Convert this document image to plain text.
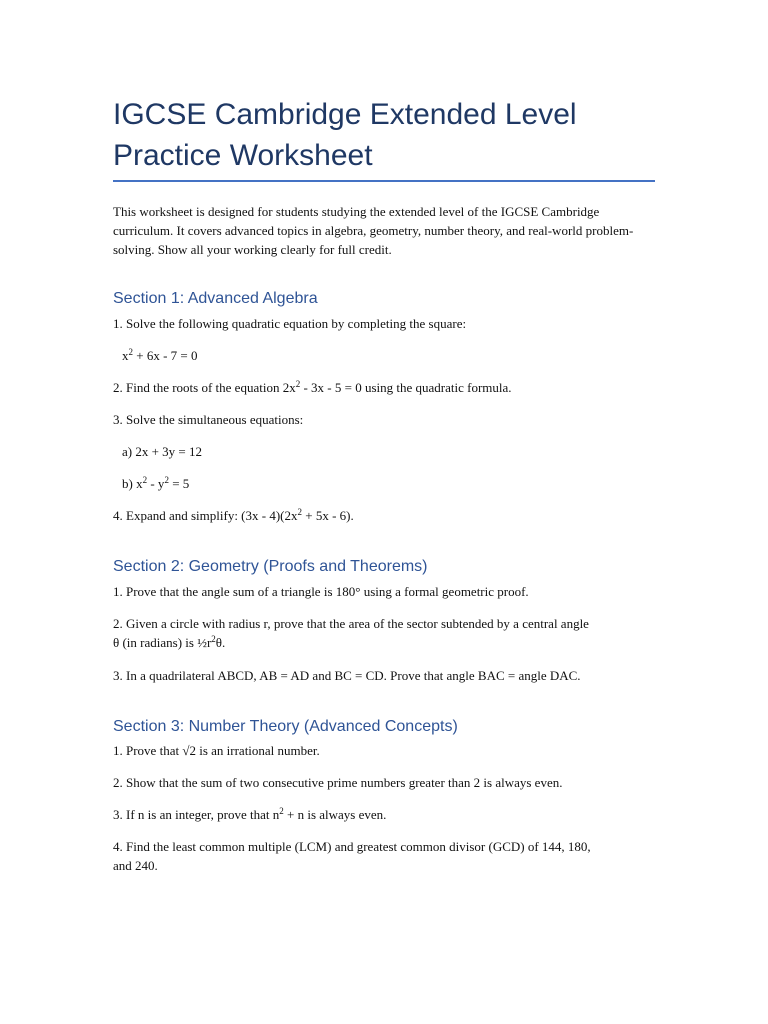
IGCSE Cambridge Extended Level
Practice Worksheet

This worksheet is designed for students studying the extended level of the IGCSE Cambridge curriculum. It covers advanced topics in algebra, geometry, number theory, and real-world problem-solving. Show all your working clearly for full credit.

Section 1: Advanced Algebra

1. Solve the following quadratic equation by completing the square:

$x^2 + 6x - 7 = 0$

2. Find the roots of the equation $2x^2 - 3x - 5 = 0$ using the quadratic formula.

3. Solve the simultaneous equations:

a) 2x + 3y = 12

b) $x^2 - y^2 = 5$

4. Expand and simplify: $(3x - 4)(2x^2 + 5x - 6)$.

Section 2: Geometry (Proofs and Theorems)

1. Prove that the angle sum of a triangle is 180° using a formal geometric proof.

2. Given a circle with radius r, prove that the area of the sector subtended by a central angle

θ (in radians) is $\frac{1}{2}r^2\theta$.

3. In a quadrilateral ABCD, AB = AD and BC = CD. Prove that angle BAC = angle DAC.

Section 3: Number Theory (Advanced Concepts)

1. Prove that √2 is an irrational number.

2. Show that the sum of two consecutive prime numbers greater than 2 is always even.

3. If n is an integer, prove that $n^2 + n$ is always even.

4. Find the least common multiple (LCM) and greatest common divisor (GCD) of 144, 180,

and 240.
